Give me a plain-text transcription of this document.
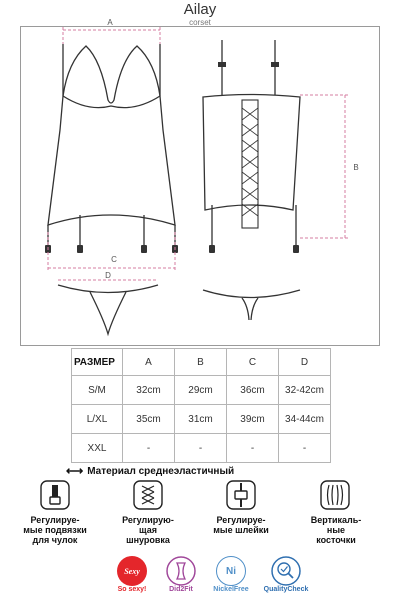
Ailay
corset
A
C
D
B
РАЗМЕР	A	B	C	D
S/M	32cm	29cm	36cm	32-42cm
L/XL	35cm	31cm	39cm	34-44cm
XXL	-	-	-	-
⟷ Материал среднеэластичный
Регулируе-
мые подвязки
для чулок
Регулирую-
щая
шнуровка
Регулируе-
мые шлейки
Вертикаль-
ные
косточки
Sexy
So sexy!	Did2Fit
Ni
NickelFree	QualityCheck
